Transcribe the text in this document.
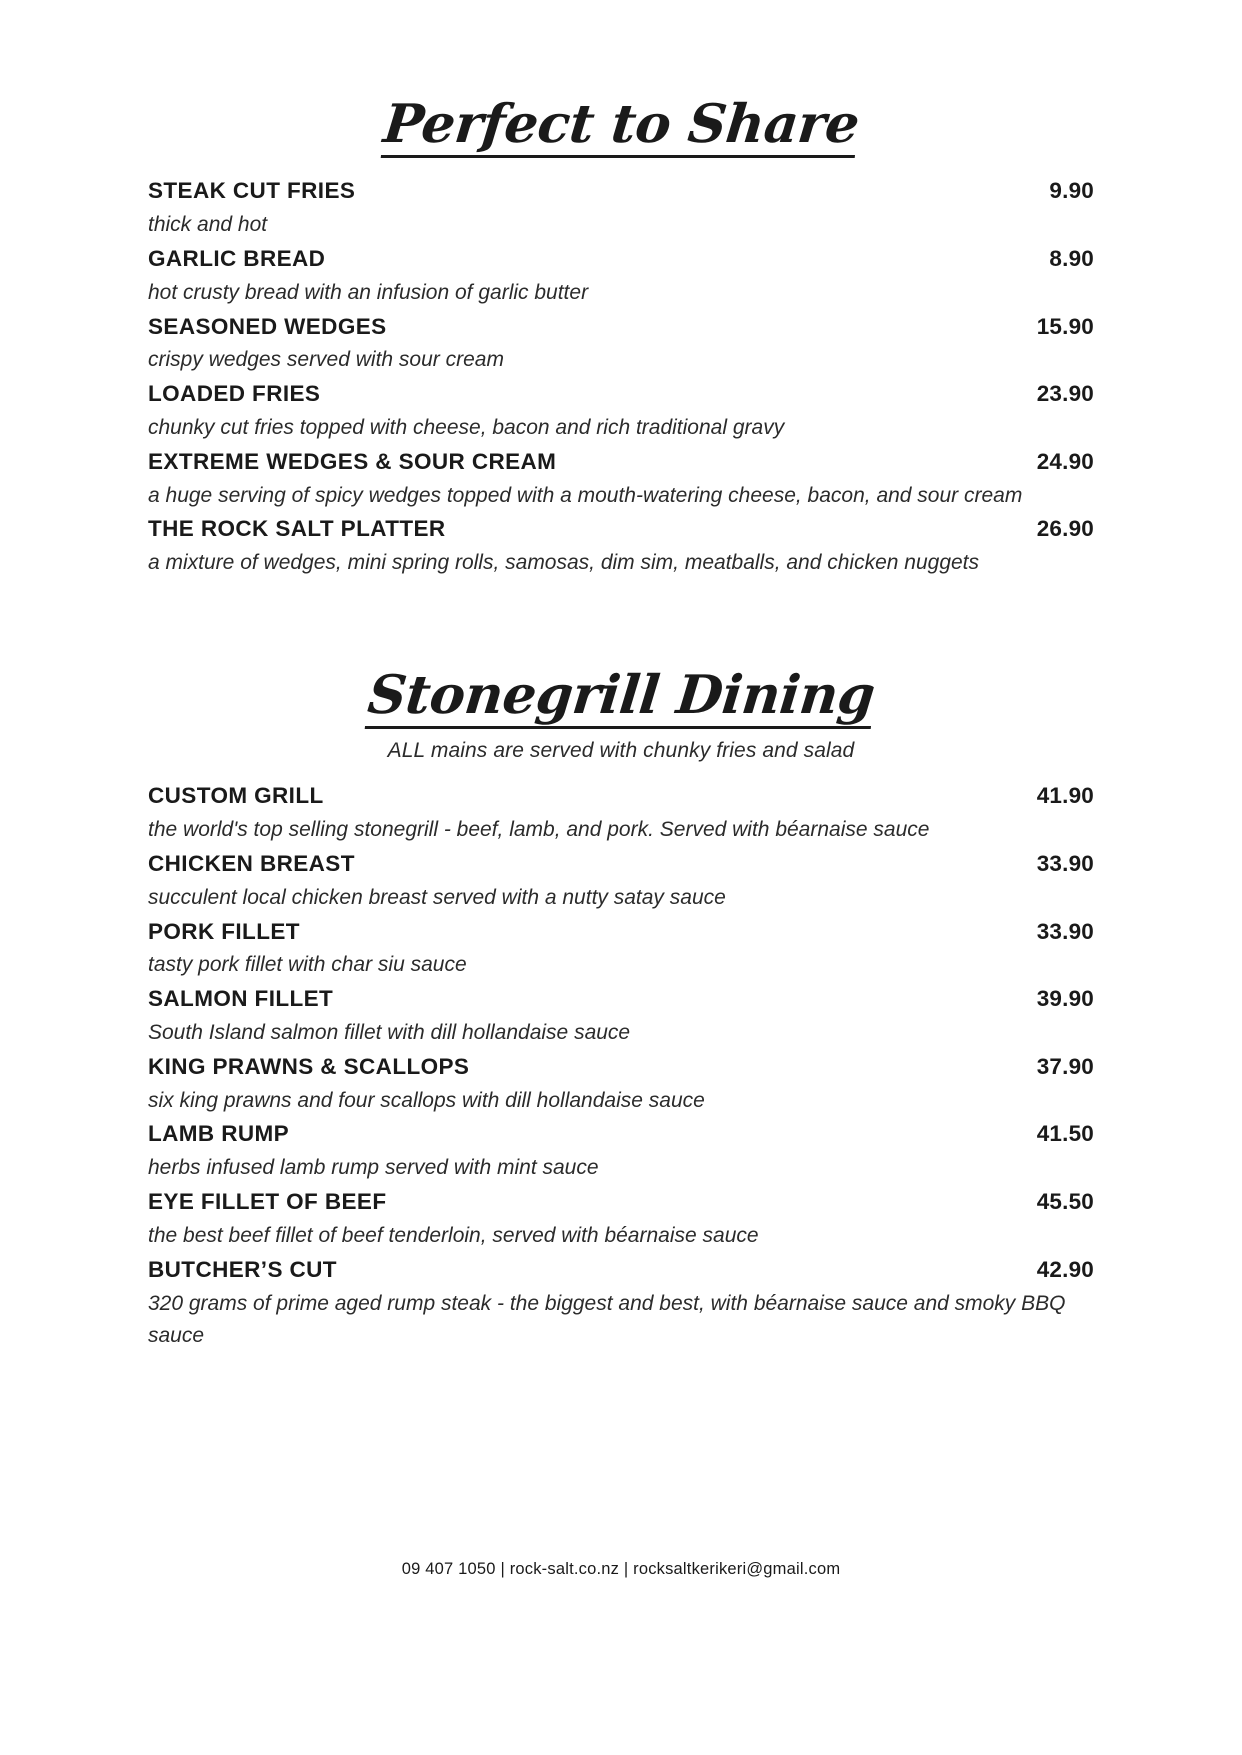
Perfect to Share
STEAK CUT FRIES	9.90

thick and hot

GARLIC BREAD	8.90

hot crusty bread with an infusion of garlic butter

SEASONED WEDGES	15.90

crispy wedges served with sour cream

LOADED FRIES	23.90

chunky cut fries topped with cheese, bacon and rich traditional gravy

EXTREME WEDGES & SOUR CREAM	24.90

a huge serving of spicy wedges topped with a mouth-watering cheese, bacon, and sour cream

THE ROCK SALT PLATTER	26.90

a mixture of wedges, mini spring rolls, samosas, dim sim, meatballs, and chicken nuggets

Stonegrill Dining

ALL mains are served with chunky fries and salad

CUSTOM GRILL	41.90

the world's top selling stonegrill - beef, lamb, and pork. Served with béarnaise sauce

CHICKEN BREAST	33.90

succulent local chicken breast served with a nutty satay sauce

PORK FILLET	33.90

tasty pork fillet with char siu sauce

SALMON FILLET	39.90

South Island salmon fillet with dill hollandaise sauce

KING PRAWNS & SCALLOPS	37.90

six king prawns and four scallops with dill hollandaise sauce

LAMB RUMP	41.50

herbs infused lamb rump served with mint sauce

EYE FILLET OF BEEF	45.50

the best beef fillet of beef tenderloin, served with béarnaise sauce

BUTCHER’S CUT	42.90

320 grams of prime aged rump steak - the biggest and best, with béarnaise sauce and smoky BBQ sauce

09 407 1050 | rock-salt.co.nz | rocksaltkerikeri@gmail.com
